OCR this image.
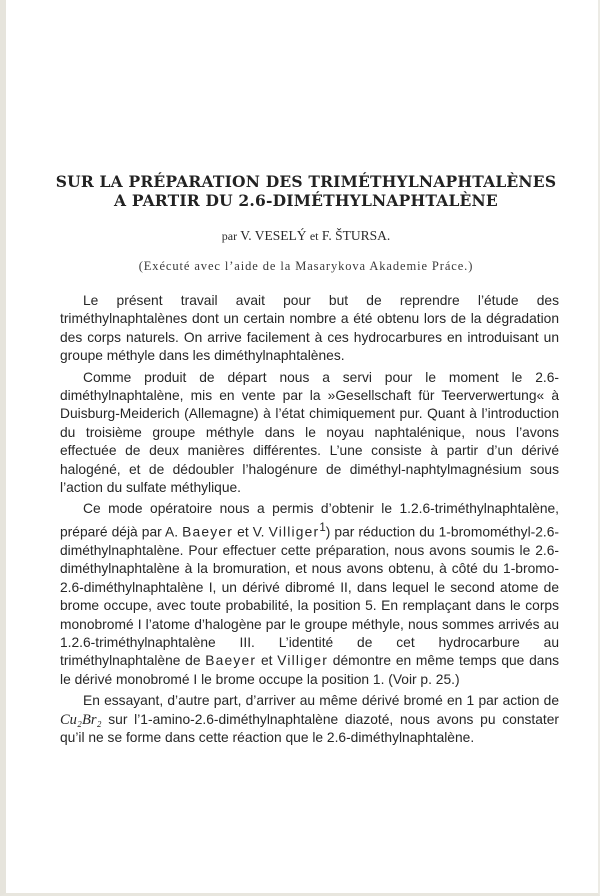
SUR LA PRÉPARATION DES TRIMÉTHYLNAPHTALÈNES
A PARTIR DU 2.6-DIMÉTHYLNAPHTALÈNE

par V. VESELÝ et F. ŠTURSA.

(Exécuté avec l’aide de la Masarykova Akademie Práce.)

Le présent travail avait pour but de reprendre l’étude des triméthylnaphtalènes dont un certain nombre a été obtenu lors de la dégradation des corps naturels. On arrive facilement à ces hydrocarbures en introduisant un groupe méthyle dans les diméthylnaphtalènes.

Comme produit de départ nous a servi pour le moment le 2.6-diméthylnaphtalène, mis en vente par la »Gesellschaft für Teerverwertung« à Duisburg-Meiderich (Allemagne) à l’état chimiquement pur. Quant à l’introduction du troisième groupe méthyle dans le noyau naphtalénique, nous l’avons effectuée de deux manières différentes. L’une consiste à partir d’un dérivé halogéné, et de dédoubler l’halogénure de diméthyl-naphtylmagnésium sous l’action du sulfate méthylique.

Ce mode opératoire nous a permis d’obtenir le 1.2.6-triméthylnaphtalène, préparé déjà par A. Baeyer et V. Villiger$^1$) par réduction du 1-bromométhyl-2.6-diméthylnaphtalène. Pour effectuer cette préparation, nous avons soumis le 2.6-diméthylnaphtalène à la bromuration, et nous avons obtenu, à côté du 1-bromo-2.6-diméthylnaphtalène I, un dérivé dibromé II, dans lequel le second atome de brome occupe, avec toute probabilité, la position 5. En remplaçant dans le corps monobromé I l’atome d’halogène par le groupe méthyle, nous sommes arrivés au 1.2.6-triméthylnaphtalène III. L’identité de cet hydrocarbure au triméthylnaphtalène de Baeyer et Villiger démontre en même temps que dans le dérivé monobromé I le brome occupe la position 1. (Voir p. 25.)

En essayant, d’autre part, d’arriver au même dérivé bromé en 1 par action de Cu₂Br₂ sur l’1-amino-2.6-diméthylnaphtalène diazoté, nous avons pu constater qu’il ne se forme dans cette réaction que le 2.6-diméthylnaphtalène.
